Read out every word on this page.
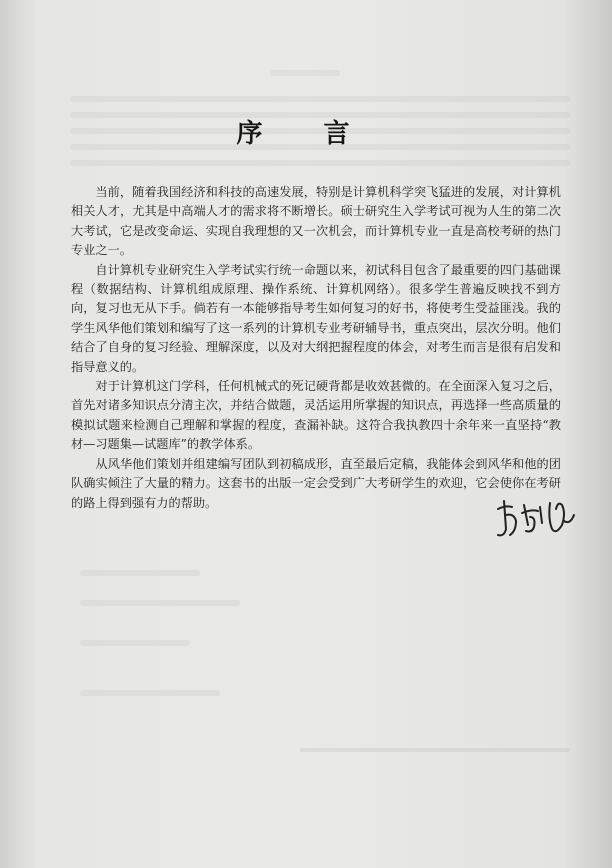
序 言

当前，随着我国经济和科技的高速发展，特别是计算机科学突飞猛进的发展，对计算机相关人才，尤其是中高端人才的需求将不断增长。硕士研究生入学考试可视为人生的第二次大考试，它是改变命运、实现自我理想的又一次机会，而计算机专业一直是高校考研的热门专业之一。

自计算机专业研究生入学考试实行统一命题以来，初试科目包含了最重要的四门基础课程（数据结构、计算机组成原理、操作系统、计算机网络）。很多学生普遍反映找不到方向，复习也无从下手。倘若有一本能够指导考生如何复习的好书，将使考生受益匪浅。我的学生风华他们策划和编写了这一系列的计算机专业考研辅导书，重点突出，层次分明。他们结合了自身的复习经验、理解深度，以及对大纲把握程度的体会，对考生而言是很有启发和指导意义的。

对于计算机这门学科，任何机械式的死记硬背都是收效甚微的。在全面深入复习之后，首先对诸多知识点分清主次，并结合做题，灵活运用所掌握的知识点，再选择一些高质量的模拟试题来检测自己理解和掌握的程度，查漏补缺。这符合我执教四十余年来一直坚持“教材—习题集—试题库”的教学体系。

从风华他们策划并组建编写团队到初稿成形，直至最后定稿，我能体会到风华和他的团队确实倾注了大量的精力。这套书的出版一定会受到广大考研学生的欢迎，它会使你在考研的路上得到强有力的帮助。
